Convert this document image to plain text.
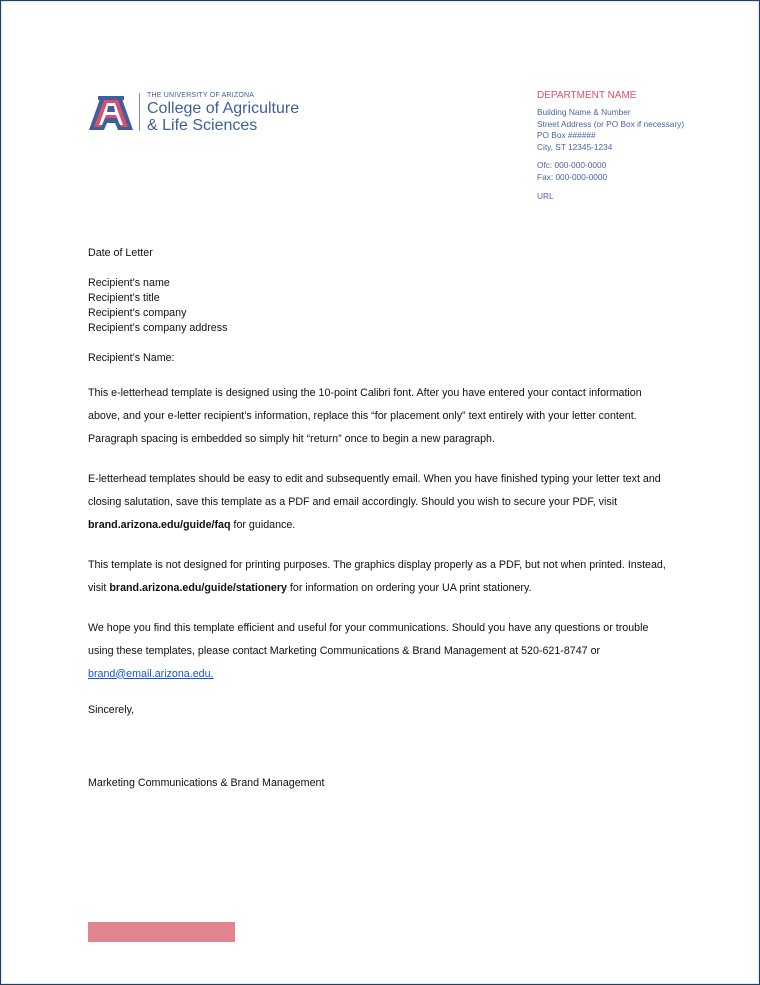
THE UNIVERSITY OF ARIZONA
College of Agriculture
& Life Sciences
DEPARTMENT NAME
Building Name & Number
Street Address (or PO Box if necessary)
PO Box ######
City, ST 12345-1234
Ofc: 000-000-0000
Fax: 000-000-0000
URL
Date of Letter
Recipient’s name
Recipient’s title
Recipient’s company
Recipient’s company address
Recipient’s Name:
This e-letterhead template is designed using the 10-point Calibri font. After you have entered your contact information above, and your e-letter recipient’s information, replace this “for placement only” text entirely with your letter content. Paragraph spacing is embedded so simply hit “return” once to begin a new paragraph.
E-letterhead templates should be easy to edit and subsequently email. When you have finished typing your letter text and closing salutation, save this template as a PDF and email accordingly. Should you wish to secure your PDF, visit brand.arizona.edu/guide/faq for guidance.
This template is not designed for printing purposes. The graphics display properly as a PDF, but not when printed. Instead, visit brand.arizona.edu/guide/stationery for information on ordering your UA print stationery.
We hope you find this template efficient and useful for your communications. Should you have any questions or trouble using these templates, please contact Marketing Communications & Brand Management at 520-621-8747 or brand@email.arizona.edu.
Sincerely,
Marketing Communications & Brand Management
